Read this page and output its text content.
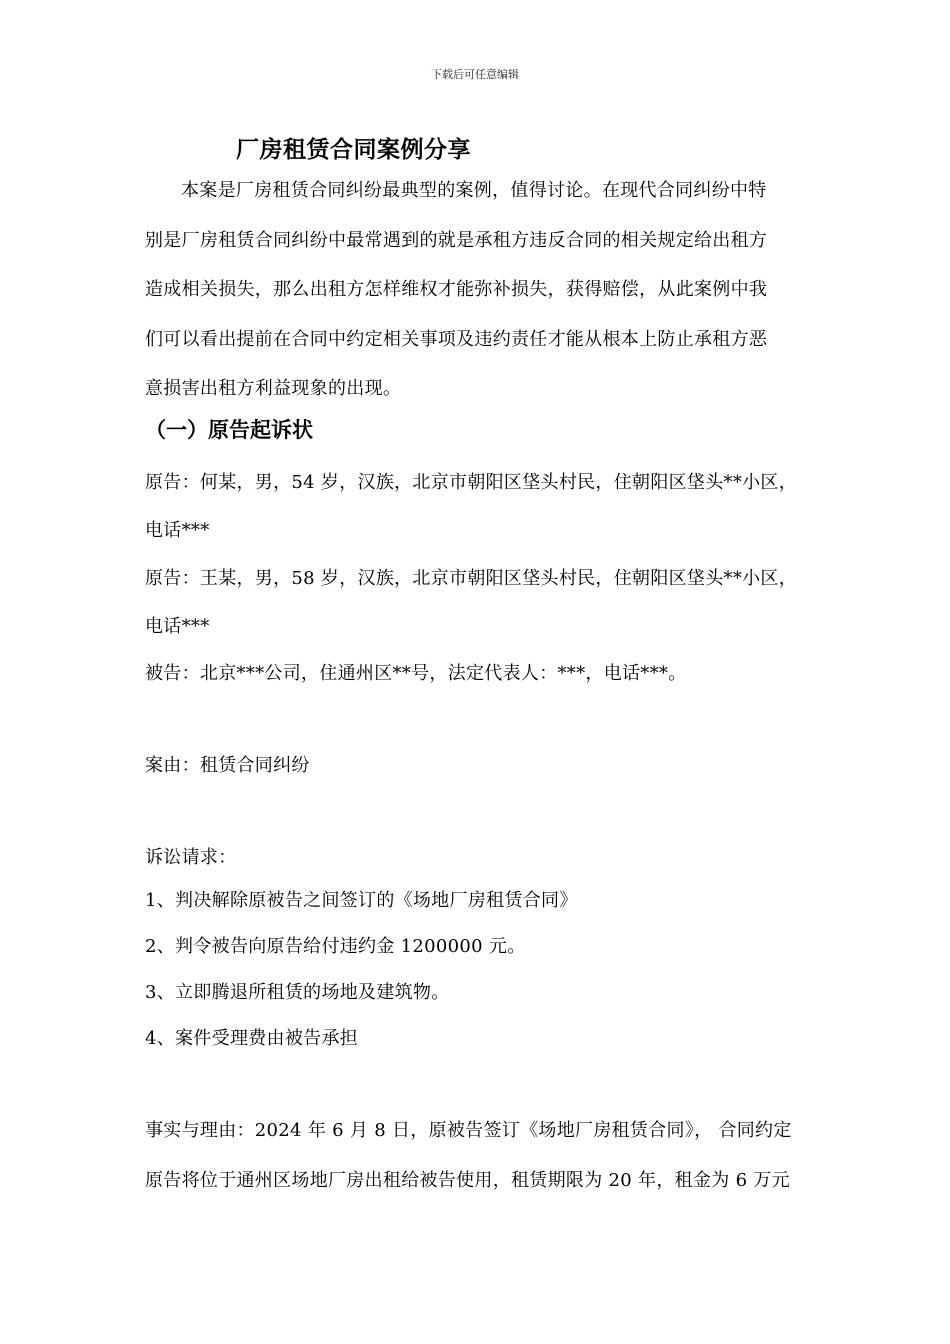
下载后可任意编辑
厂房租赁合同案例分享
本案是厂房租赁合同纠纷最典型的案例，值得讨论。在现代合同纠纷中特
别是厂房租赁合同纠纷中最常遇到的就是承租方违反合同的相关规定给出租方
造成相关损失，那么出租方怎样维权才能弥补损失，获得赔偿，从此案例中我
们可以看出提前在合同中约定相关事项及违约责任才能从根本上防止承租方恶
意损害出租方利益现象的出现。
（一）原告起诉状
原告：何某，男，54 岁，汉族，北京市朝阳区垡头村民，住朝阳区垡头**小区，
电话***
原告：王某，男，58 岁，汉族，北京市朝阳区垡头村民，住朝阳区垡头**小区，
电话***
被告：北京***公司，住通州区**号，法定代表人：***，电话***。
案由：租赁合同纠纷
诉讼请求：
1、判决解除原被告之间签订的《场地厂房租赁合同》
2、判令被告向原告给付违约金 1200000 元。
3、立即腾退所租赁的场地及建筑物。
4、案件受理费由被告承担
事实与理由：2024 年 6 月 8 日，原被告签订《场地厂房租赁合同》， 合同约定
原告将位于通州区场地厂房出租给被告使用，租赁期限为 20 年，租金为 6 万元
